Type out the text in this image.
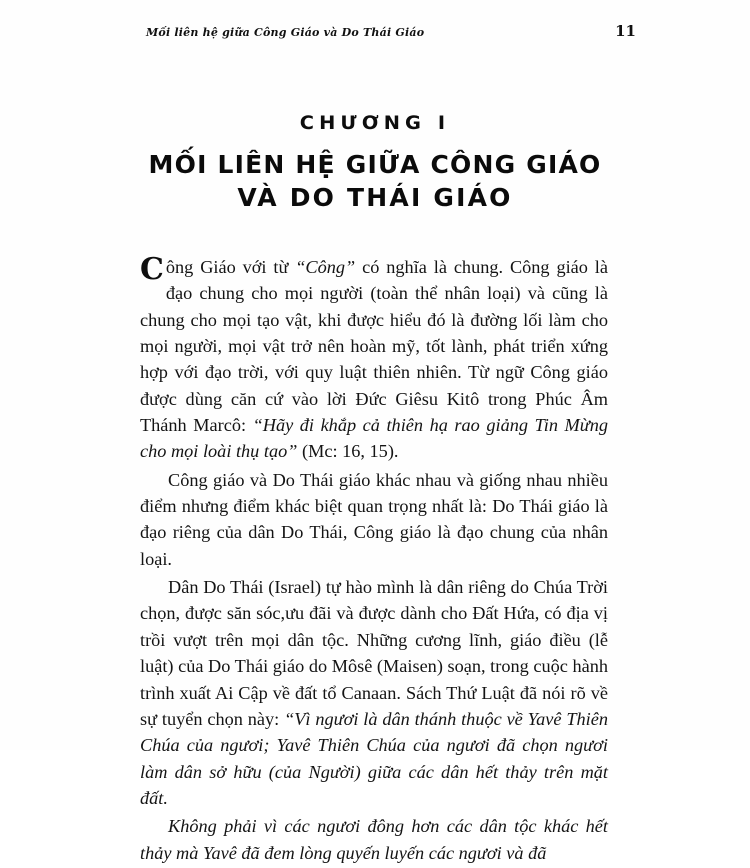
Mối liên hệ giữa Công Giáo và Do Thái Giáo	11
CHƯƠNG I
MỐI LIÊN HỆ GIỮA CÔNG GIÁO
VÀ DO THÁI GIÁO

Công Giáo với từ “Công” có nghĩa là chung. Công giáo là đạo chung cho mọi người (toàn thể nhân loại) và cũng là chung cho mọi tạo vật, khi được hiểu đó là đường lối làm cho mọi người, mọi vật trở nên hoàn mỹ, tốt lành, phát triển xứng hợp với đạo trời, với quy luật thiên nhiên. Từ ngữ Công giáo được dùng căn cứ vào lời Đức Giêsu Kitô trong Phúc Âm Thánh Marcô: “Hãy đi khắp cả thiên hạ rao giảng Tin Mừng cho mọi loài thụ tạo” (Mc: 16, 15).

Công giáo và Do Thái giáo khác nhau và giống nhau nhiều điểm nhưng điểm khác biệt quan trọng nhất là: Do Thái giáo là đạo riêng của dân Do Thái, Công giáo là đạo chung của nhân loại.

Dân Do Thái (Israel) tự hào mình là dân riêng do Chúa Trời chọn, được săn sóc,ưu đãi và được dành cho Đất Hứa, có địa vị trồi vượt trên mọi dân tộc. Những cương lĩnh, giáo điều (lễ luật) của Do Thái giáo do Môsê (Maisen) soạn, trong cuộc hành trình xuất Ai Cập về đất tổ Canaan. Sách Thứ Luật đã nói rõ về sự tuyển chọn này: “Vì ngươi là dân thánh thuộc về Yavê Thiên Chúa của ngươi; Yavê Thiên Chúa của ngươi đã chọn ngươi làm dân sở hữu (của Người) giữa các dân hết thảy trên mặt đất.

Không phải vì các ngươi đông hơn các dân tộc khác hết thảy mà Yavê đã đem lòng quyến luyến các ngươi và đã
